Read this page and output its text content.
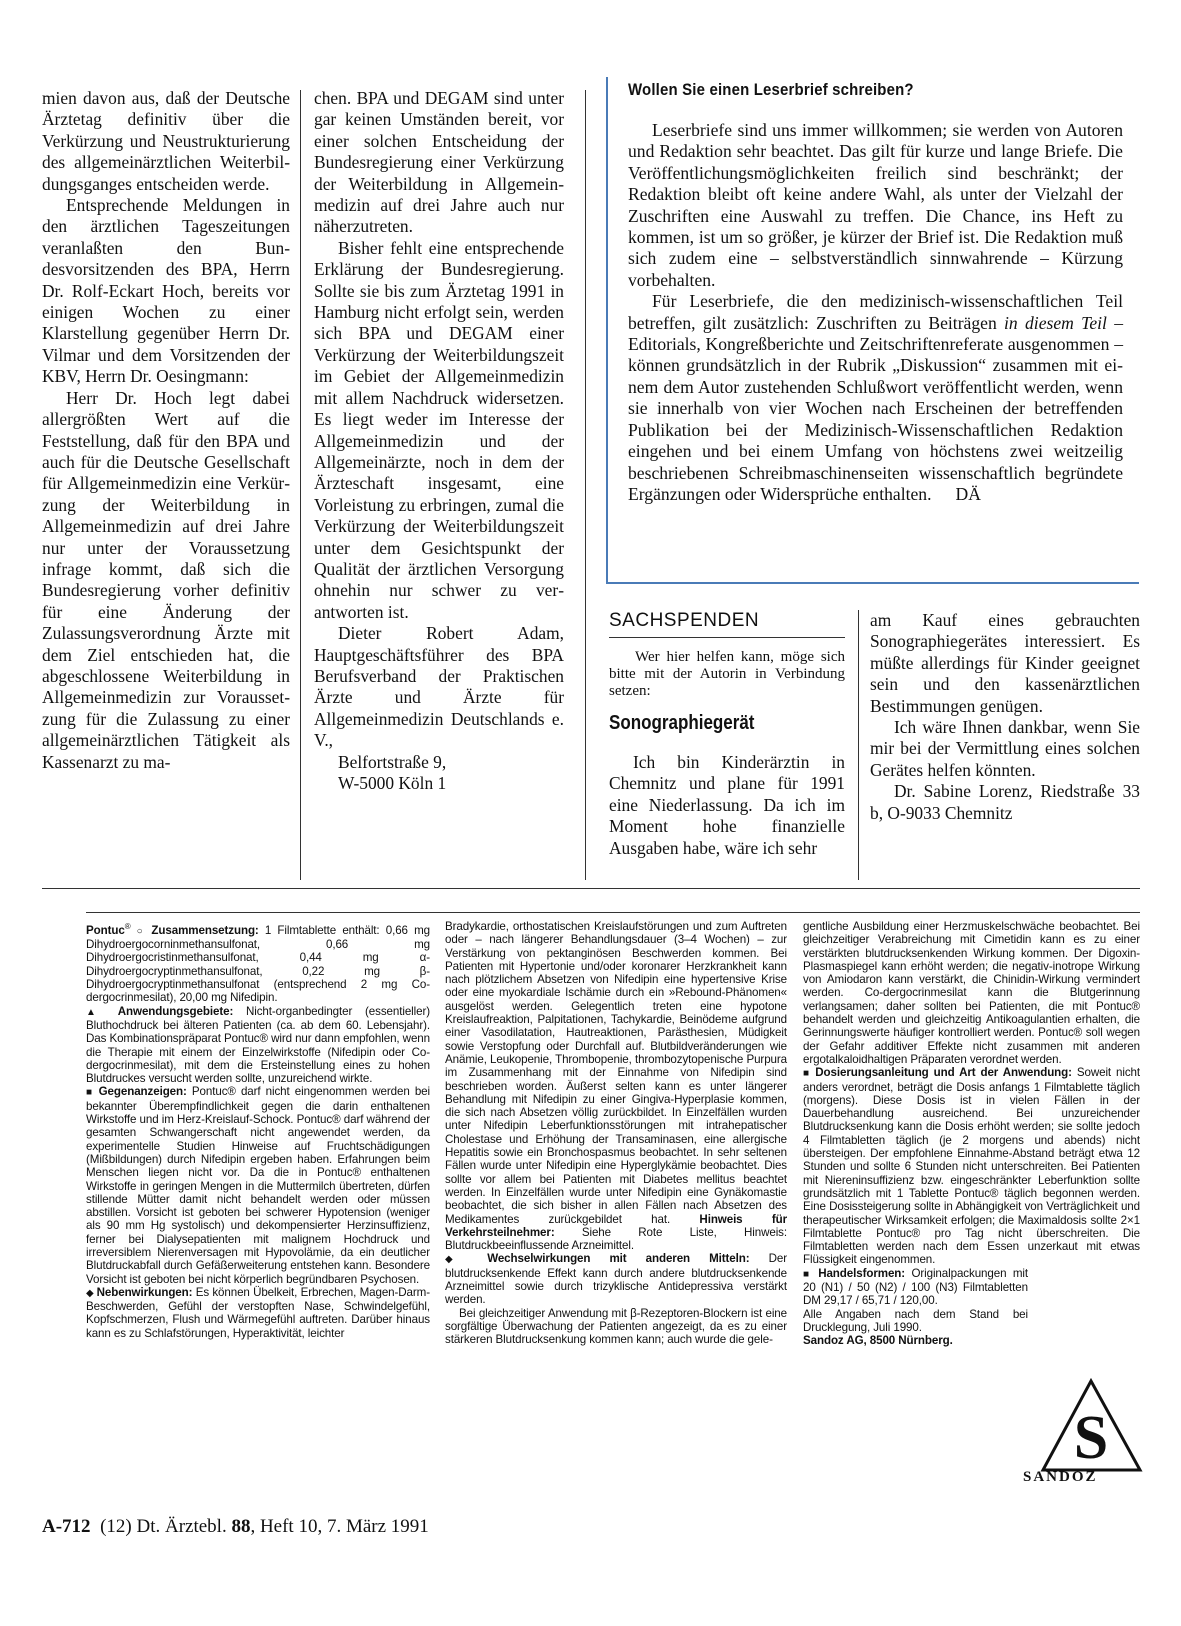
mien davon aus, daß der Deutsche Ärztetag definitiv über die Verkürzung und Neustrukturierung des allgemeinärztlichen Weiterbildungsganges entscheiden werde.

Entsprechende Meldungen in den ärztlichen Tageszeitungen veranlaßten den Bundesvorsitzenden des BPA, Herrn Dr. Rolf-Eckart Hoch, bereits vor einigen Wochen zu einer Klarstellung gegenüber Herrn Dr. Vilmar und dem Vorsitzenden der KBV, Herrn Dr. Oesingmann:

Herr Dr. Hoch legt dabei allergrößten Wert auf die Feststellung, daß für den BPA und auch für die Deutsche Gesellschaft für Allgemeinmedizin eine Verkürzung der Weiterbildung in Allgemeinmedizin auf drei Jahre nur unter der Voraussetzung infrage kommt, daß sich die Bundesregierung vorher definitiv für eine Änderung der Zulassungsverordnung Ärzte mit dem Ziel entschieden hat, die abgeschlossene Weiterbildung in Allgemeinmedizin zur Voraussetzung für die Zulassung zu einer allgemeinärztlichen Tätigkeit als Kassenarzt zu ma-

chen. BPA und DEGAM sind unter gar keinen Umständen bereit, vor einer solchen Entscheidung der Bundesregierung einer Verkürzung der Weiterbildung in Allgemeinmedizin auf drei Jahre auch nur näherzutreten.

Bisher fehlt eine entsprechende Erklärung der Bundesregierung. Sollte sie bis zum Ärztetag 1991 in Hamburg nicht erfolgt sein, werden sich BPA und DEGAM einer Verkürzung der Weiterbildungszeit im Gebiet der Allgemeinmedizin mit allem Nachdruck widersetzen. Es liegt weder im Interesse der Allgemeinmedizin und der Allgemeinärzte, noch in dem der Ärzteschaft insgesamt, eine Vorleistung zu erbringen, zumal die Verkürzung der Weiterbildungszeit unter dem Gesichtspunkt der Qualität der ärztlichen Versorgung ohnehin nur schwer zu verantworten ist.

Dieter Robert Adam, Hauptgeschäftsführer des BPA Berufsverband der Praktischen Ärzte und Ärzte für Allgemeinmedizin Deutschlands e. V.,

Belfortstraße 9,

W-5000 Köln 1

Wollen Sie einen Leserbrief schreiben?

Leserbriefe sind uns immer willkommen; sie werden von Autoren und Redaktion sehr beachtet. Das gilt für kurze und lange Briefe. Die Veröffentlichungsmöglichkeiten freilich sind beschränkt; der Redaktion bleibt oft keine andere Wahl, als unter der Vielzahl der Zuschriften eine Auswahl zu treffen. Die Chance, ins Heft zu kommen, ist um so größer, je kürzer der Brief ist. Die Redaktion muß sich zudem eine – selbstverständlich sinnwahrende – Kürzung vorbehalten.

Für Leserbriefe, die den medizinisch-wissenschaftlichen Teil betreffen, gilt zusätzlich: Zuschriften zu Beiträgen in diesem Teil – Editorials, Kongreßberichte und Zeitschriftenreferate ausgenommen – können grundsätzlich in der Rubrik „Diskussion“ zusammen mit einem dem Autor zustehenden Schlußwort veröffentlicht werden, wenn sie innerhalb von vier Wochen nach Erscheinen der betreffenden Publikation bei der Medizinisch-Wissenschaftlichen Redaktion eingehen und bei einem Umfang von höchstens zwei weitzeilig beschriebenen Schreibmaschinenseiten wissenschaftlich begründete Ergänzungen oder Widersprüche enthalten. DÄ

SACHSPENDEN
Wer hier helfen kann, möge sich bitte mit der Autorin in Verbindung setzen:
Sonographiegerät

Ich bin Kinderärztin in Chemnitz und plane für 1991 eine Niederlassung. Da ich im Moment hohe finanzielle Ausgaben habe, wäre ich sehr

am Kauf eines gebrauchten Sonographiegerätes interessiert. Es müßte allerdings für Kinder geeignet sein und den kassenärztlichen Bestimmungen genügen.

Ich wäre Ihnen dankbar, wenn Sie mir bei der Vermittlung eines solchen Gerätes helfen könnten.

Dr. Sabine Lorenz, Riedstraße 33 b, O-9033 Chemnitz

Pontuc® ○ Zusammensetzung: 1 Filmtablette enthält: 0,66 mg Dihydroergocorninmethansulfonat, 0,66 mg Dihydroergocristinmethansulfonat, 0,44 mg α-Dihydroergocryptinmethansulfonat, 0,22 mg β-Dihydroergocryptinmethansulfonat (entsprechend 2 mg Co-dergocrinmesilat), 20,00 mg Nifedipin.

▲ Anwendungsgebiete: Nicht-organbedingter (essentieller) Bluthochdruck bei älteren Patienten (ca. ab dem 60. Lebensjahr). Das Kombinationspräparat Pontuc® wird nur dann empfohlen, wenn die Therapie mit einem der Einzelwirkstoffe (Nifedipin oder Co-dergocrinmesilat), mit dem die Ersteinstellung eines zu hohen Blutdruckes versucht werden sollte, unzureichend wirkte.

■ Gegenanzeigen: Pontuc® darf nicht eingenommen werden bei bekannter Überempfindlichkeit gegen die darin enthaltenen Wirkstoffe und im Herz-Kreislauf-Schock. Pontuc® darf während der gesamten Schwangerschaft nicht angewendet werden, da experimentelle Studien Hinweise auf Fruchtschädigungen (Mißbildungen) durch Nifedipin ergeben haben. Erfahrungen beim Menschen liegen nicht vor. Da die in Pontuc® enthaltenen Wirkstoffe in geringen Mengen in die Muttermilch übertreten, dürfen stillende Mütter damit nicht behandelt werden oder müssen abstillen. Vorsicht ist geboten bei schwerer Hypotension (weniger als 90 mm Hg systolisch) und dekompensierter Herzinsuffizienz, ferner bei Dialysepatienten mit malignem Hochdruck und irreversiblem Nierenversagen mit Hypovolämie, da ein deutlicher Blutdruckabfall durch Gefäßerweiterung entstehen kann. Besondere Vorsicht ist geboten bei nicht körperlich begründbaren Psychosen.

◆ Nebenwirkungen: Es können Übelkeit, Erbrechen, Magen-Darm-Beschwerden, Gefühl der verstopften Nase, Schwindelgefühl, Kopfschmerzen, Flush und Wärmegefühl auftreten. Darüber hinaus kann es zu Schlafstörungen, Hyperaktivität, leichter

Bradykardie, orthostatischen Kreislaufstörungen und zum Auftreten oder – nach längerer Behandlungsdauer (3–4 Wochen) – zur Verstärkung von pektanginösen Beschwerden kommen. Bei Patienten mit Hypertonie und/oder koronarer Herzkrankheit kann nach plötzlichem Absetzen von Nifedipin eine hypertensive Krise oder eine myokardiale Ischämie durch ein »Rebound-Phänomen« ausgelöst werden. Gelegentlich treten eine hypotone Kreislaufreaktion, Palpitationen, Tachykardie, Beinödeme aufgrund einer Vasodilatation, Hautreaktionen, Parästhesien, Müdigkeit sowie Verstopfung oder Durchfall auf. Blutbildveränderungen wie Anämie, Leukopenie, Thrombopenie, thrombozytopenische Purpura im Zusammenhang mit der Einnahme von Nifedipin sind beschrieben worden. Äußerst selten kann es unter längerer Behandlung mit Nifedipin zu einer Gingiva-Hyperplasie kommen, die sich nach Absetzen völlig zurückbildet. In Einzelfällen wurden unter Nifedipin Leberfunktionsstörungen mit intrahepatischer Cholestase und Erhöhung der Transaminasen, eine allergische Hepatitis sowie ein Bronchospasmus beobachtet. In sehr seltenen Fällen wurde unter Nifedipin eine Hyperglykämie beobachtet. Dies sollte vor allem bei Patienten mit Diabetes mellitus beachtet werden. In Einzelfällen wurde unter Nifedipin eine Gynäkomastie beobachtet, die sich bisher in allen Fällen nach Absetzen des Medikamentes zurückgebildet hat. Hinweis für Verkehrsteilnehmer: Siehe Rote Liste, Hinweis: Blutdruckbeeinflussende Arzneimittel.

◆ Wechselwirkungen mit anderen Mitteln: Der blutdrucksenkende Effekt kann durch andere blutdrucksenkende Arzneimittel sowie durch trizyklische Antidepressiva verstärkt werden.

Bei gleichzeitiger Anwendung mit β-Rezeptoren-Blockern ist eine sorgfältige Überwachung der Patienten angezeigt, da es zu einer stärkeren Blutdrucksenkung kommen kann; auch wurde die gele-

gentliche Ausbildung einer Herzmuskelschwäche beobachtet. Bei gleichzeitiger Verabreichung mit Cimetidin kann es zu einer verstärkten blutdrucksenkenden Wirkung kommen. Der Digoxin-Plasmaspiegel kann erhöht werden; die negativ-inotrope Wirkung von Amiodaron kann verstärkt, die Chinidin-Wirkung vermindert werden. Co-dergocrinmesilat kann die Blutgerinnung verlangsamen; daher sollten bei Patienten, die mit Pontuc® behandelt werden und gleichzeitig Antikoagulantien erhalten, die Gerinnungswerte häufiger kontrolliert werden. Pontuc® soll wegen der Gefahr additiver Effekte nicht zusammen mit anderen ergotalkaloidhaltigen Präparaten verordnet werden.

■ Dosierungsanleitung und Art der Anwendung: Soweit nicht anders verordnet, beträgt die Dosis anfangs 1 Filmtablette täglich (morgens). Diese Dosis ist in vielen Fällen in der Dauerbehandlung ausreichend. Bei unzureichender Blutdrucksenkung kann die Dosis erhöht werden; sie sollte jedoch 4 Filmtabletten täglich (je 2 morgens und abends) nicht übersteigen. Der empfohlene Einnahme-Abstand beträgt etwa 12 Stunden und sollte 6 Stunden nicht unterschreiten. Bei Patienten mit Niereninsuffizienz bzw. eingeschränkter Leberfunktion sollte grundsätzlich mit 1 Tablette Pontuc® täglich begonnen werden. Eine Dosissteigerung sollte in Abhängigkeit von Verträglichkeit und therapeutischer Wirksamkeit erfolgen; die Maximaldosis sollte 2×1 Filmtablette Pontuc® pro Tag nicht überschreiten. Die Filmtabletten werden nach dem Essen unzerkaut mit etwas Flüssigkeit eingenommen.

■ Handelsformen: Originalpackungen mit 20 (N1) / 50 (N2) / 100 (N3) Filmtabletten DM 29,17 / 65,71 / 120,00.

Alle Angaben nach dem Stand bei Drucklegung, Juli 1990.

Sandoz AG, 8500 Nürnberg.

S
SANDOZ
A-712 (12) Dt. Ärztebl. 88, Heft 10, 7. März 1991
